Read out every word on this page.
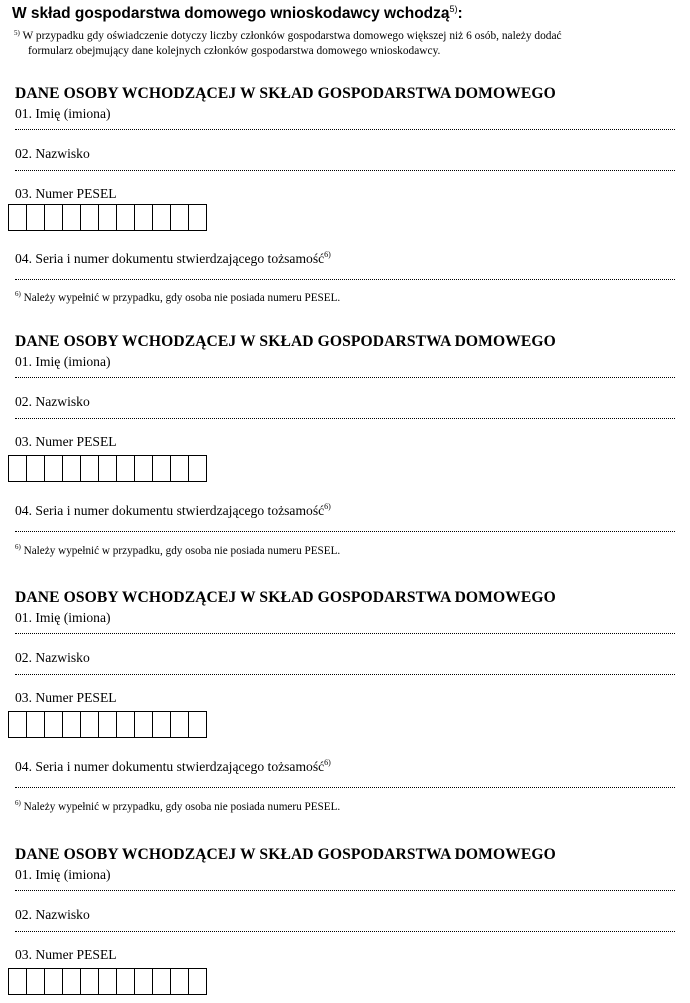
W skład gospodarstwa domowego wnioskodawcy wchodzą$^{5)}$:
$^{5)}$ W przypadku gdy oświadczenie dotyczy liczby członków gospodarstwa domowego większej niż 6 osób, należy dodać
formularz obejmujący dane kolejnych członków gospodarstwa domowego wnioskodawcy.
DANE OSOBY WCHODZĄCEJ W SKŁAD GOSPODARSTWA DOMOWEGO
01. Imię (imiona)
02. Nazwisko
03. Numer PESEL
04. Seria i numer dokumentu stwierdzającego tożsamość$^{6)}$
$^{6)}$ Należy wypełnić w przypadku, gdy osoba nie posiada numeru PESEL.
DANE OSOBY WCHODZĄCEJ W SKŁAD GOSPODARSTWA DOMOWEGO
01. Imię (imiona)
02. Nazwisko
03. Numer PESEL
04. Seria i numer dokumentu stwierdzającego tożsamość$^{6)}$
$^{6)}$ Należy wypełnić w przypadku, gdy osoba nie posiada numeru PESEL.
DANE OSOBY WCHODZĄCEJ W SKŁAD GOSPODARSTWA DOMOWEGO
01. Imię (imiona)
02. Nazwisko
03. Numer PESEL
04. Seria i numer dokumentu stwierdzającego tożsamość$^{6)}$
$^{6)}$ Należy wypełnić w przypadku, gdy osoba nie posiada numeru PESEL.
DANE OSOBY WCHODZĄCEJ W SKŁAD GOSPODARSTWA DOMOWEGO
01. Imię (imiona)
02. Nazwisko
03. Numer PESEL
